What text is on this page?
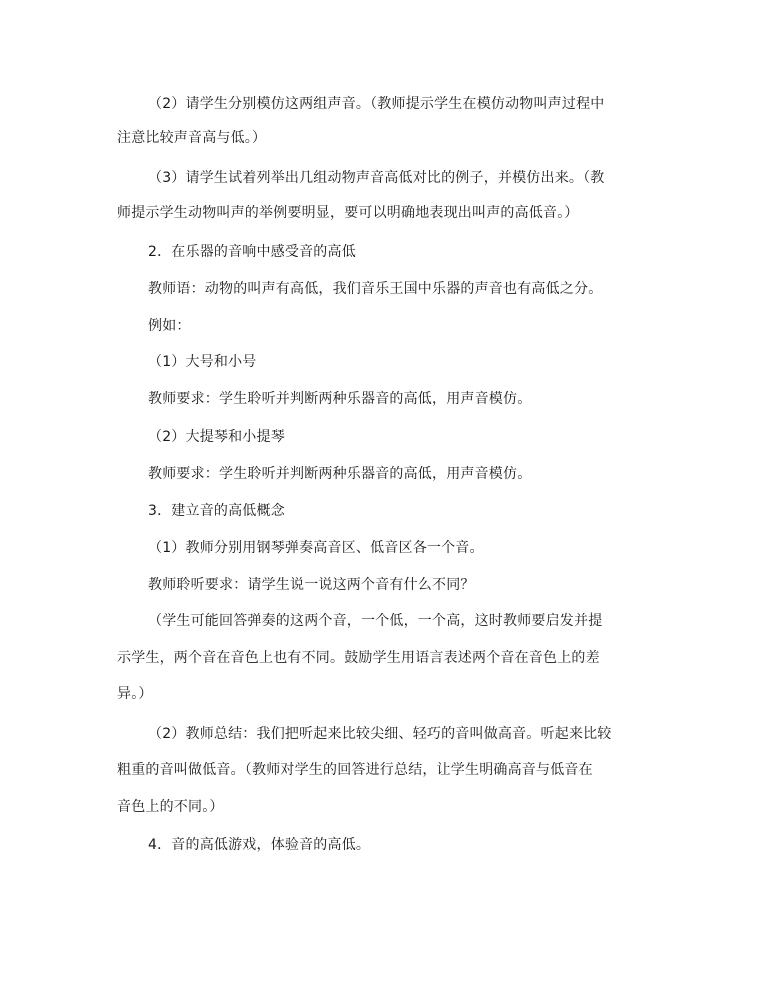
（2）请学生分别模仿这两组声音。（教师提示学生在模仿动物叫声过程中
注意比较声音高与低。）
（3）请学生试着列举出几组动物声音高低对比的例子，并模仿出来。（教
师提示学生动物叫声的举例要明显，要可以明确地表现出叫声的高低音。）
2．在乐器的音响中感受音的高低
教师语：动物的叫声有高低，我们音乐王国中乐器的声音也有高低之分。
例如：
（1）大号和小号
教师要求：学生聆听并判断两种乐器音的高低，用声音模仿。
（2）大提琴和小提琴
教师要求：学生聆听并判断两种乐器音的高低，用声音模仿。
3．建立音的高低概念
（1）教师分别用钢琴弹奏高音区、低音区各一个音。
教师聆听要求：请学生说一说这两个音有什么不同？
（学生可能回答弹奏的这两个音，一个低，一个高，这时教师要启发并提
示学生，两个音在音色上也有不同。鼓励学生用语言表述两个音在音色上的差
异。）
（2）教师总结：我们把听起来比较尖细、轻巧的音叫做高音。听起来比较
粗重的音叫做低音。（教师对学生的回答进行总结，让学生明确高音与低音在
音色上的不同。）
4．音的高低游戏，体验音的高低。
